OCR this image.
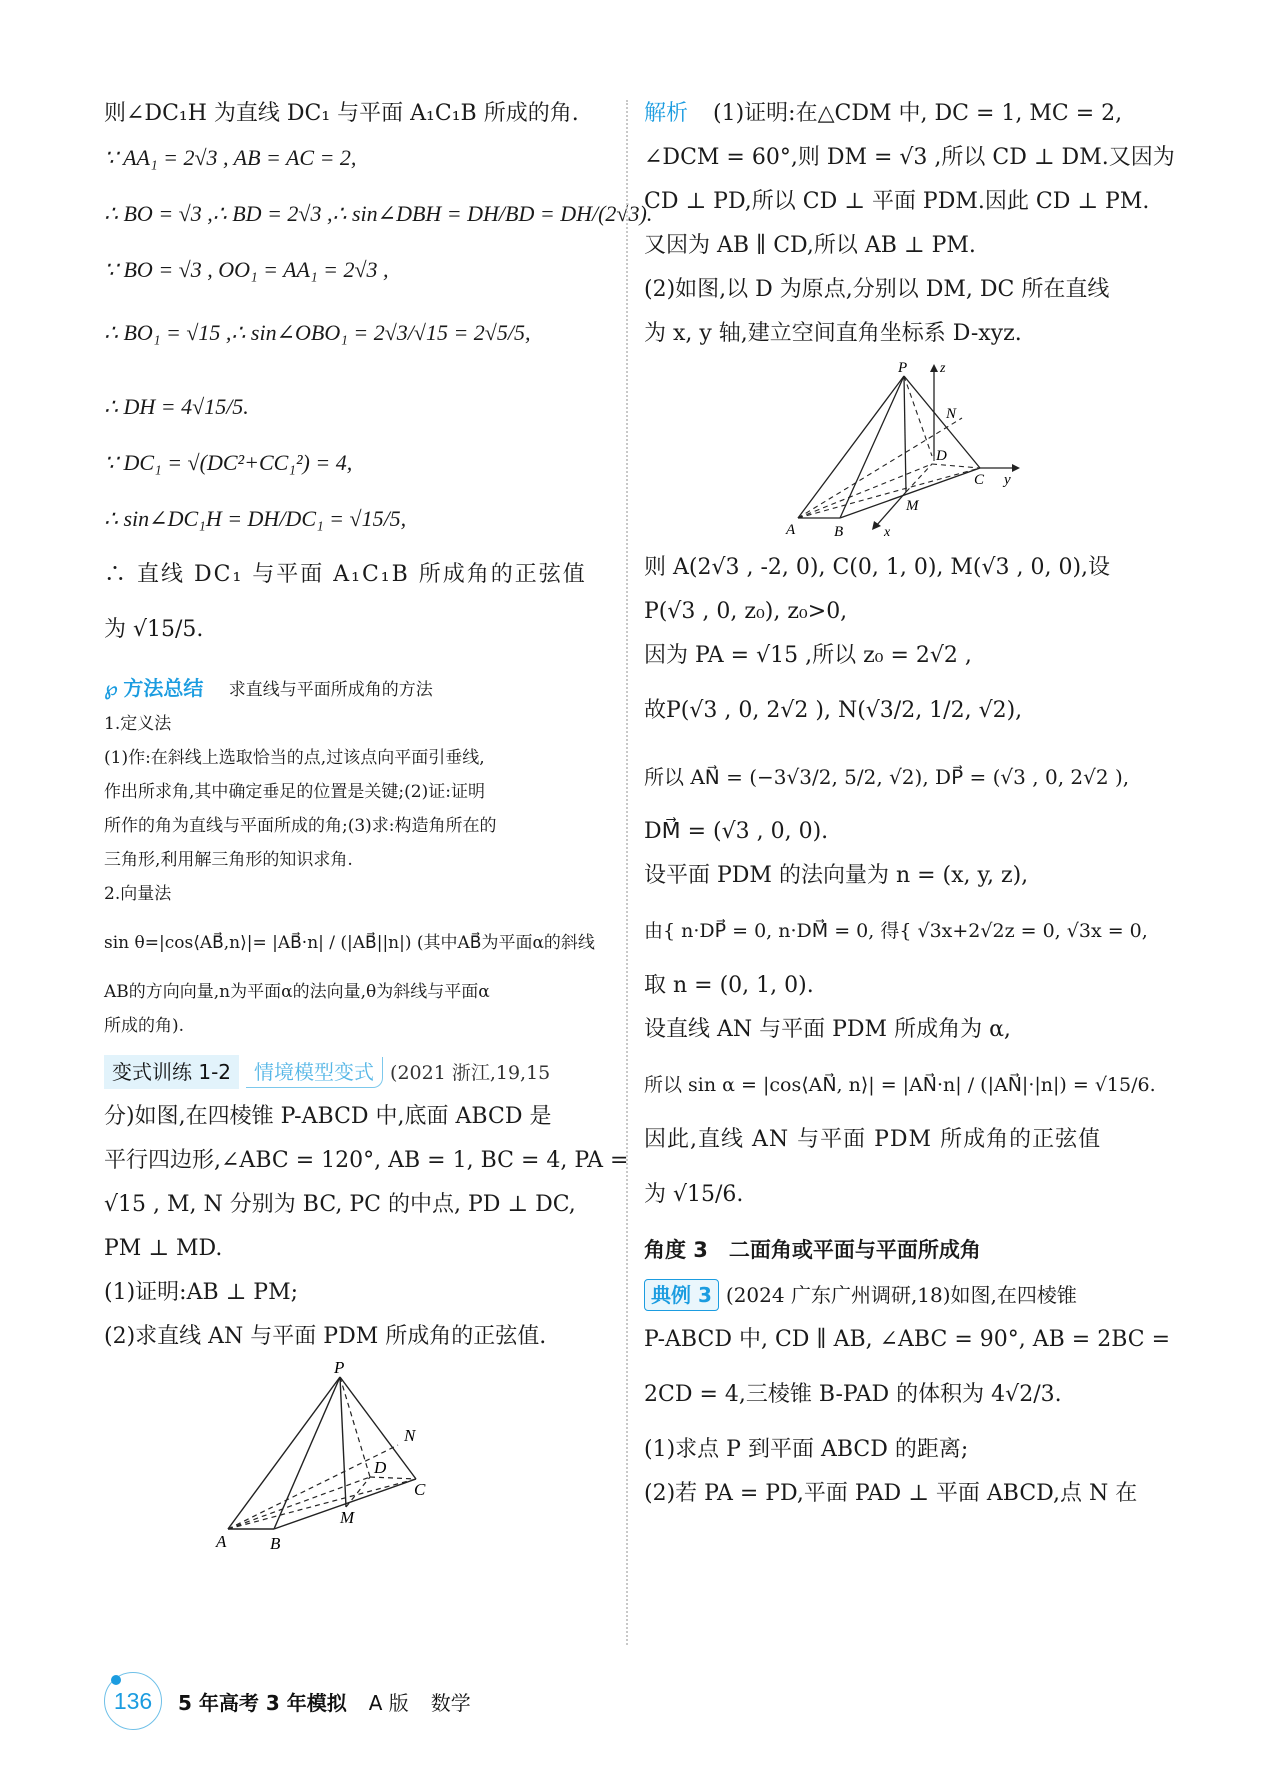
则∠DC₁H 为直线 DC₁ 与平面 A₁C₁B 所成的角.
∵ AA₁ = 2√3 , AB = AC = 2,
∴ BO = √3 ,∴ BD = 2√3 ,∴ sin∠DBH = DH/BD = DH/(2√3).
∵ BO = √3 , OO₁ = AA₁ = 2√3 ,
∴ BO₁ = √15 ,∴ sin∠OBO₁ = 2√3/√15 = 2√5/5,
∴ DH = 4√15/5.
∵ DC₁ = √(DC²+CC₁²) = 4,
∴ sin∠DC₁H = DH/DC₁ = √15/5,
∴ 直线 DC₁ 与平面 A₁C₁B 所成角的正弦值
为 √15/5.
℘ 方法总结 求直线与平面所成角的方法
1.定义法
(1)作:在斜线上选取恰当的点,过该点向平面引垂线,
作出所求角,其中确定垂足的位置是关键;(2)证:证明
所作的角为直线与平面所成的角;(3)求:构造角所在的
三角形,利用解三角形的知识求角.
2.向量法
sin θ=|cos⟨AB⃗,n⟩|= |AB⃗·n| / (|AB⃗||n|) (其中AB⃗为平面α的斜线
AB的方向向量,n为平面α的法向量,θ为斜线与平面α
所成的角).
变式训练 1-2 情境模型变式 (2021 浙江,19,15
分)如图,在四棱锥 P-ABCD 中,底面 ABCD 是
平行四边形,∠ABC = 120°, AB = 1, BC = 4, PA =
√15 , M, N 分别为 BC, PC 的中点, PD ⊥ DC,
PM ⊥ MD.
(1)证明:AB ⊥ PM;
(2)求直线 AN 与平面 PDM 所成角的正弦值.
P
N
D
C
M
A	B
解析 (1)证明:在△CDM 中, DC = 1, MC = 2,
∠DCM = 60°,则 DM = √3 ,所以 CD ⊥ DM.又因为
CD ⊥ PD,所以 CD ⊥ 平面 PDM.因此 CD ⊥ PM.
又因为 AB ∥ CD,所以 AB ⊥ PM.
(2)如图,以 D 为原点,分别以 DM, DC 所在直线
为 x, y 轴,建立空间直角坐标系 D-xyz.
P z
N
D
C y
M
A	B	x
则 A(2√3 , -2, 0), C(0, 1, 0), M(√3 , 0, 0),设
P(√3 , 0, z₀), z₀>0,
因为 PA = √15 ,所以 z₀ = 2√2 ,
故P(√3 , 0, 2√2 ), N(√3/2, 1/2, √2),
所以 AN⃗ = (−3√3/2, 5/2, √2), DP⃗ = (√3 , 0, 2√2 ),
DM⃗ = (√3 , 0, 0).
设平面 PDM 的法向量为 n = (x, y, z),
由{ n·DP⃗ = 0, n·DM⃗ = 0, 得{ √3x+2√2z = 0, √3x = 0,
取 n = (0, 1, 0).
设直线 AN 与平面 PDM 所成角为 α,
所以 sin α = |cos⟨AN⃗, n⟩| = |AN⃗·n| / (|AN⃗|·|n|) = √15/6.
因此,直线 AN 与平面 PDM 所成角的正弦值
为 √15/6.
角度 3　二面角或平面与平面所成角
典例 3 (2024 广东广州调研,18)如图,在四棱锥
P-ABCD 中, CD ∥ AB, ∠ABC = 90°, AB = 2BC =
2CD = 4,三棱锥 B-PAD 的体积为 4√2/3.
(1)求点 P 到平面 ABCD 的距离;
(2)若 PA = PD,平面 PAD ⊥ 平面 ABCD,点 N 在
136 5 年高考 3 年模拟 A 版 数学
